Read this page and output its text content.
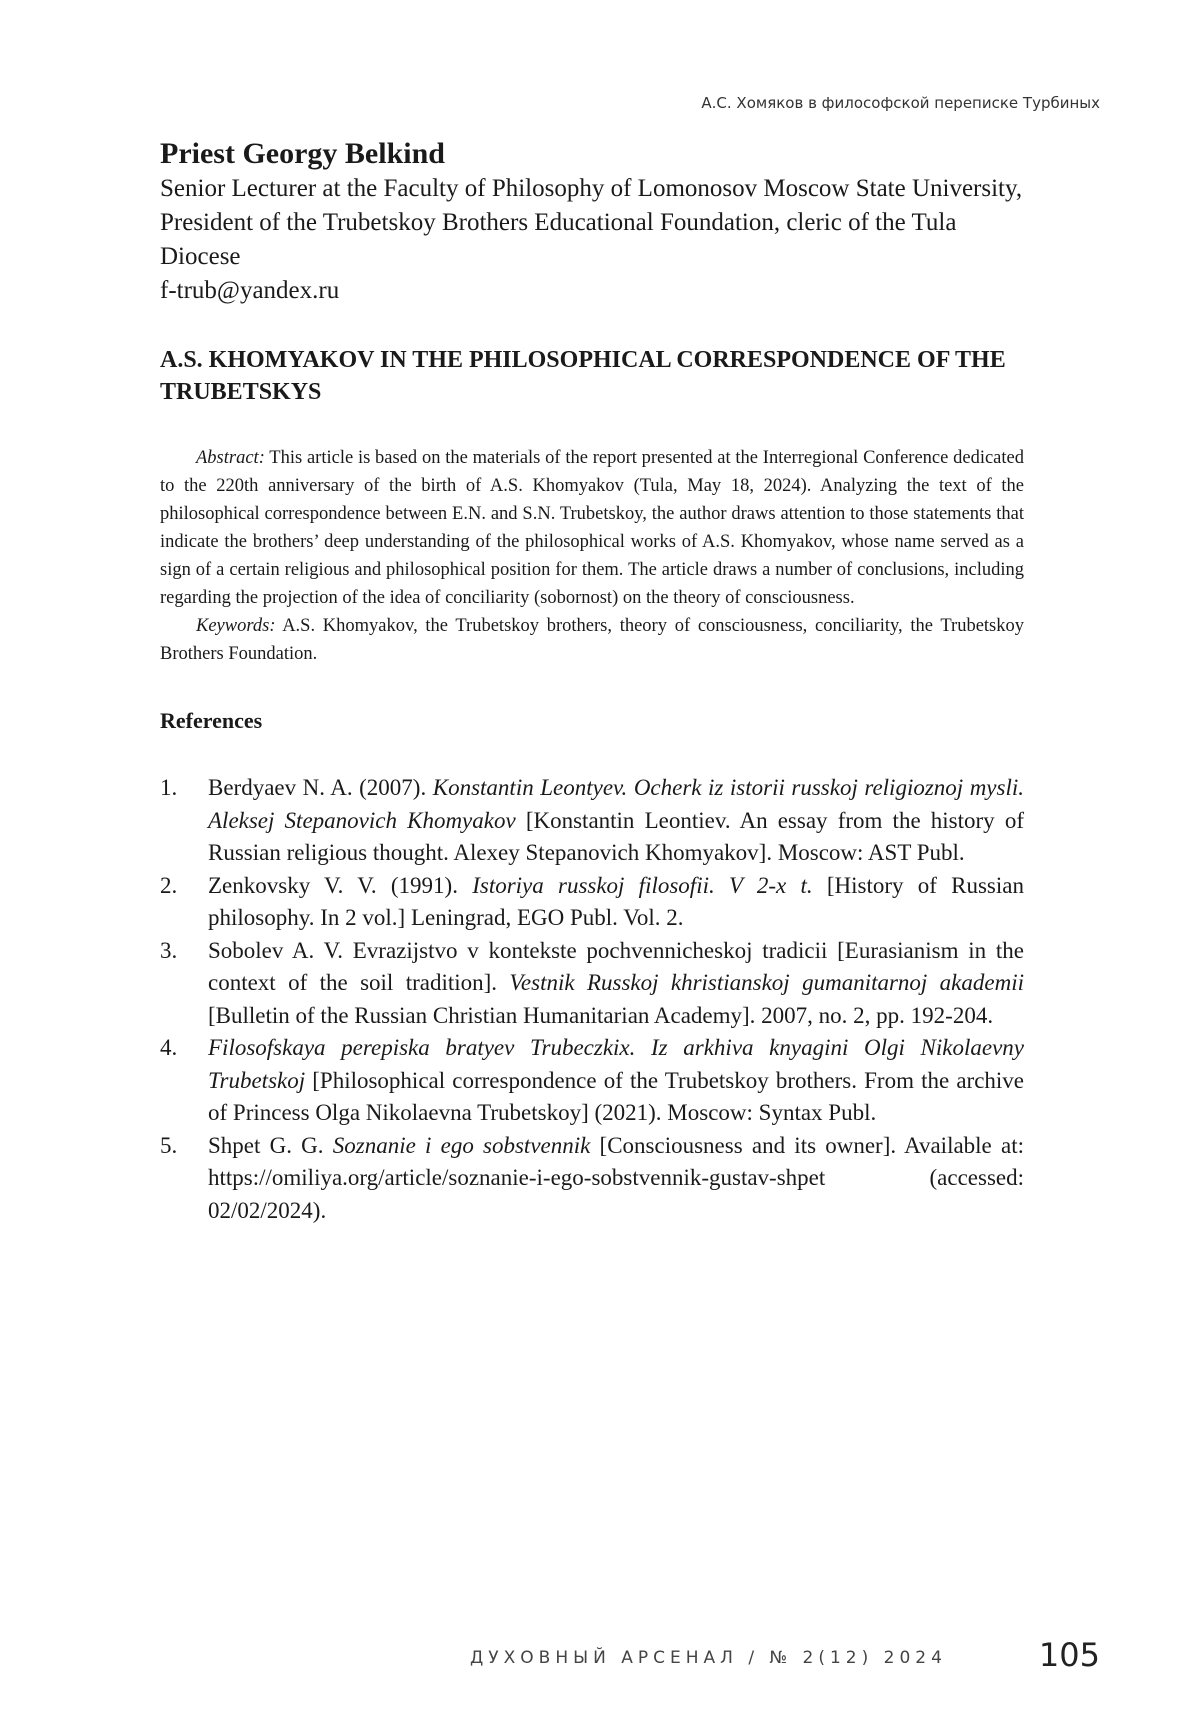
А.С. Хомяков в философской переписке Турбиных
Priest Georgy Belkind

Senior Lecturer at the Faculty of Philosophy of Lomonosov Moscow State University, President of the Trubetskoy Brothers Educational Foundation, cleric of the Tula Diocese

f-trub@yandex.ru

A.S. KHOMYAKOV IN THE PHILOSOPHICAL CORRESPONDENCE OF THE TRUBETSKYS

Abstract: This article is based on the materials of the report presented at the Interregional Conference dedicated to the 220th anniversary of the birth of A.S. Khomyakov (Tula, May 18, 2024). Analyzing the text of the philosophical correspondence between E.N. and S.N. Trubetskoy, the author draws attention to those statements that indicate the brothers’ deep understanding of the philosophical works of A.S. Khomyakov, whose name served as a sign of a certain religious and philosophical position for them. The article draws a number of conclusions, including regarding the projection of the idea of conciliarity (sobornost) on the theory of consciousness.

Keywords: A.S. Khomyakov, the Trubetskoy brothers, theory of consciousness, conciliarity, the Trubetskoy Brothers Foundation.

References
1.	Berdyaev N. A. (2007). Konstantin Leontyev. Ocherk iz istorii russkoj religioznoj mysli. Aleksej Stepanovich Khomyakov [Konstantin Leontiev. An essay from the history of Russian religious thought. Alexey Stepanovich Khomyakov]. Moscow: AST Publ.
2.	Zenkovsky V. V. (1991). Istoriya russkoj filosofii. V 2-x t. [History of Russian philosophy. In 2 vol.] Leningrad, EGO Publ. Vol. 2.
3.	Sobolev A. V. Evrazijstvo v kontekste pochvennicheskoj tradicii [Eurasianism in the context of the soil tradition]. Vestnik Russkoj khristianskoj gumanitarnoj akademii [Bulletin of the Russian Christian Humanitarian Academy]. 2007, no. 2, pp. 192-204.
4.	Filosofskaya perepiska bratyev Trubeczkix. Iz arkhiva knyagini Olgi Nikolaevny Trubetskoj [Philosophical correspondence of the Trubetskoy brothers. From the archive of Princess Olga Nikolaevna Trubetskoy] (2021). Moscow: Syntax Publ.
5.	Shpet G. G. Soznanie i ego sobstvennik [Consciousness and its owner]. Available at: https://omiliya.org/article/soznanie-i-ego-sobstvennik-gustav-shpet (accessed: 02/02/2024).
ДУХОВНЫЙ АРСЕНАЛ / № 2(12) 2024	105
